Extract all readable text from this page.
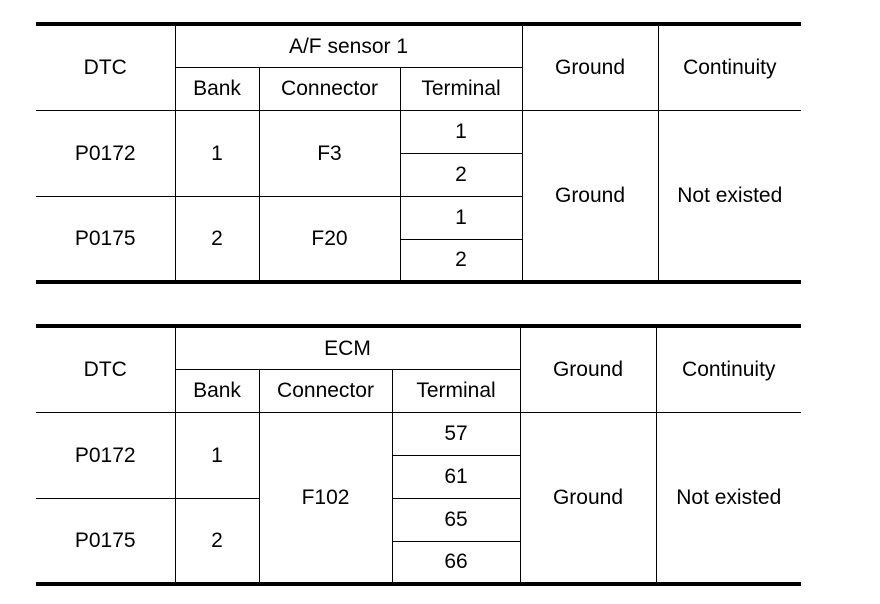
DTC	A/F sensor 1			Ground	Continuity
	Bank	Connector	Terminal		
P0172	1	F3	1	Ground	Not existed
			2		
P0175	2	F20	1		
			2		
DTC	ECM			Ground	Continuity
	Bank	Connector	Terminal		
P0172	1	F102	57	Ground	Not existed
			61		
P0175	2		65		
			66		
